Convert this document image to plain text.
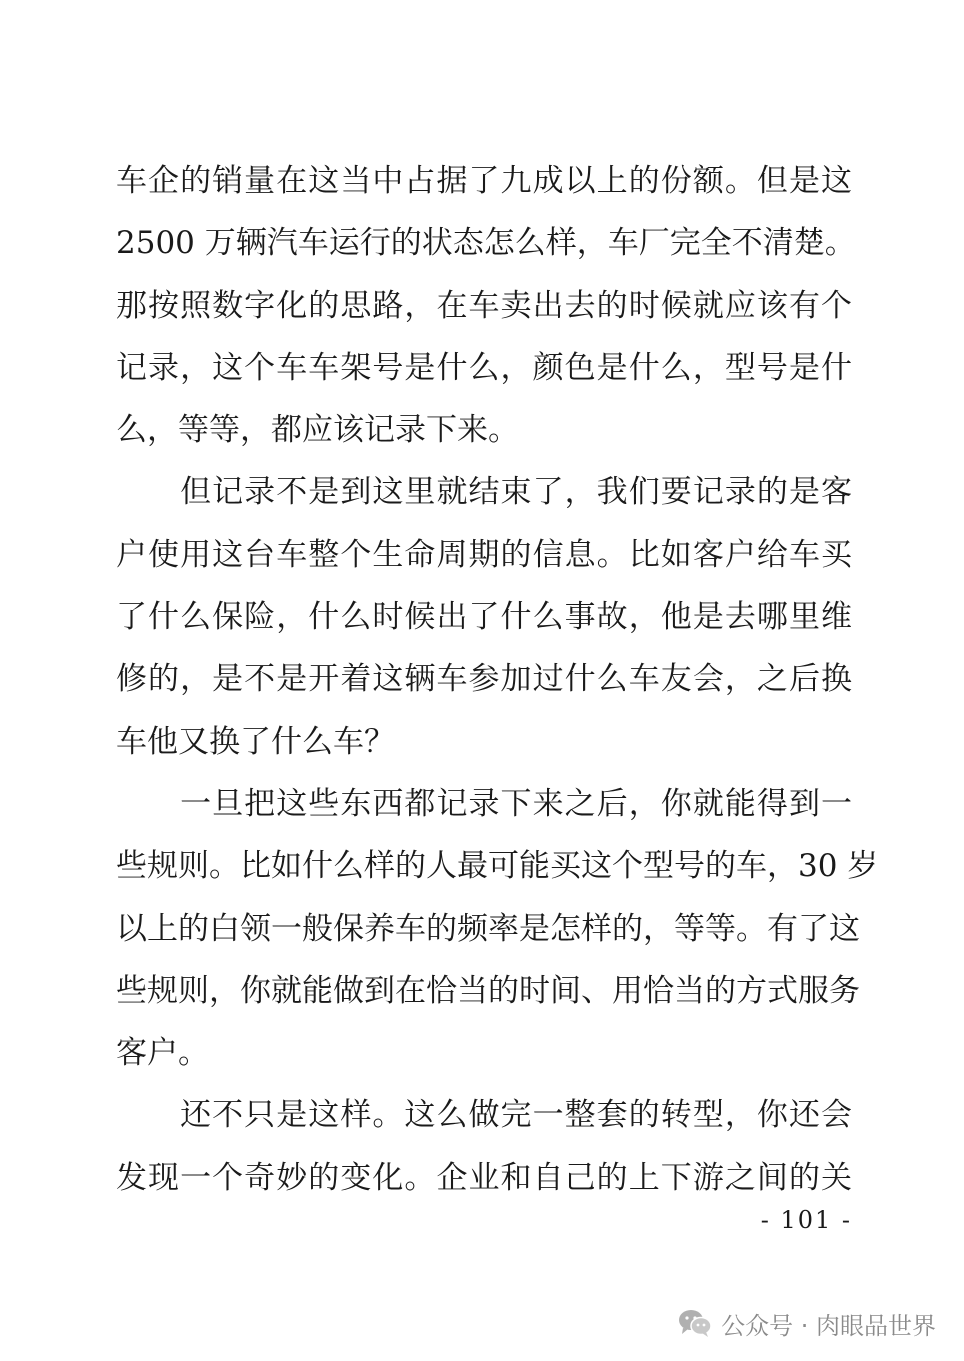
车企的销量在这当中占据了九成以上的份额。但是这
2500 万辆汽车运行的状态怎么样，车厂完全不清楚。
那按照数字化的思路，在车卖出去的时候就应该有个
记录，这个车车架号是什么，颜色是什么，型号是什
么，等等，都应该记录下来。
　　但记录不是到这里就结束了，我们要记录的是客
户使用这台车整个生命周期的信息。比如客户给车买
了什么保险，什么时候出了什么事故，他是去哪里维
修的，是不是开着这辆车参加过什么车友会，之后换
车他又换了什么车？
　　一旦把这些东西都记录下来之后，你就能得到一
些规则。比如什么样的人最可能买这个型号的车，30 岁
以上的白领一般保养车的频率是怎样的，等等。有了这
些规则，你就能做到在恰当的时间、用恰当的方式服务
客户。
　　还不只是这样。这么做完一整套的转型，你还会
发现一个奇妙的变化。企业和自己的上下游之间的关
- 101 -
公众号 · 肉眼品世界
